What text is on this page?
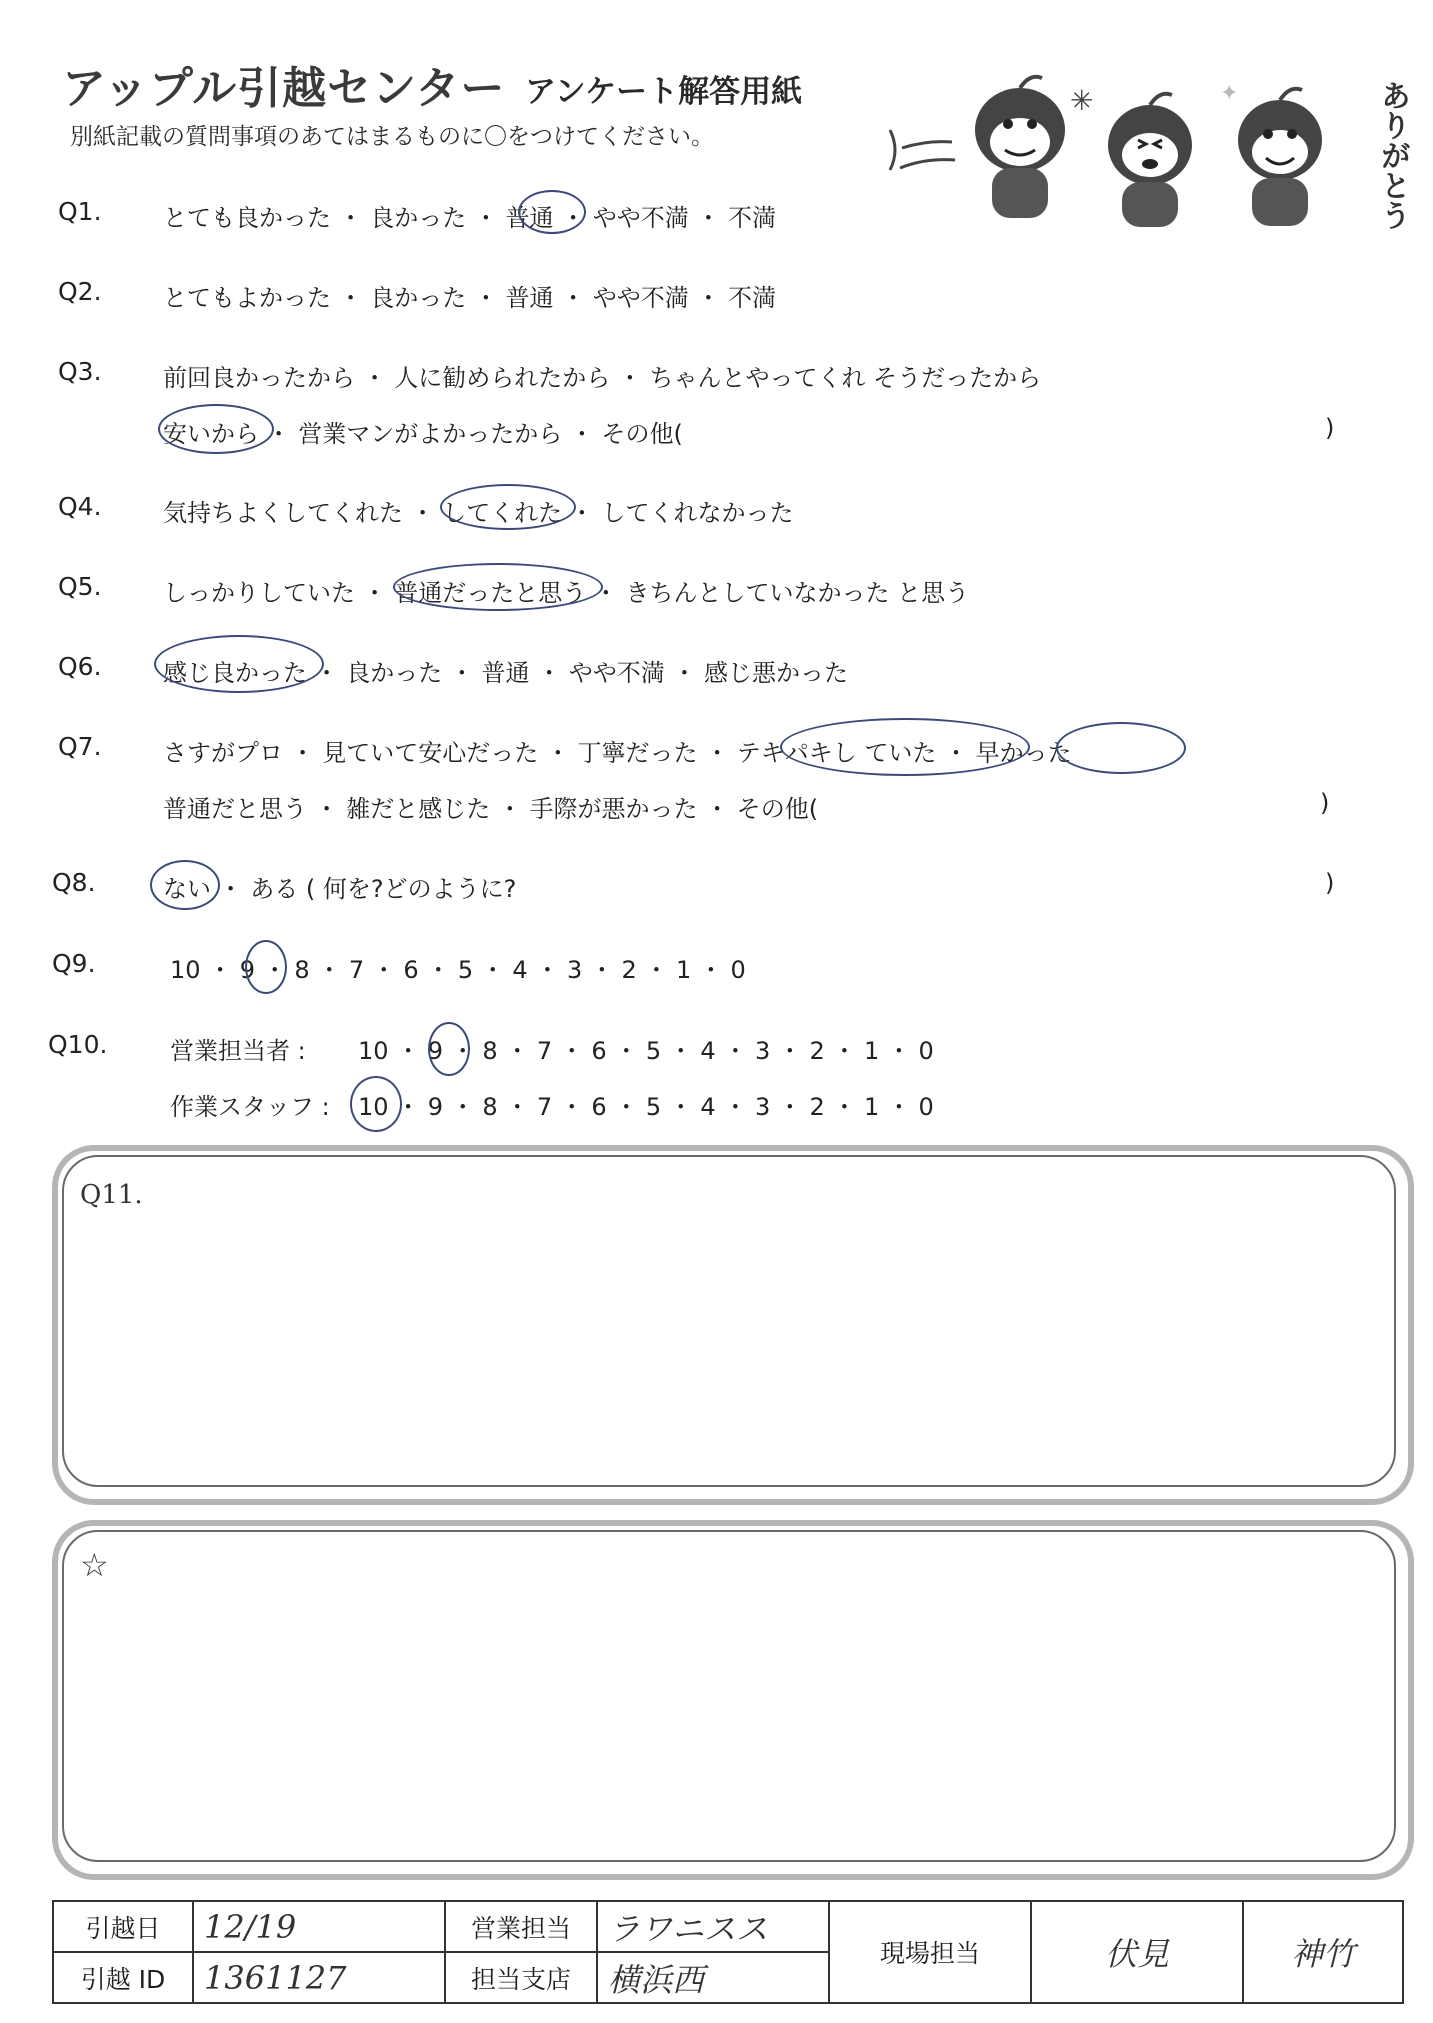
アップル引越センター アンケート解答用紙
別紙記載の質問事項のあてはまるものに〇をつけてください。
✳	✦	ありがとう
Q1.	とても良かった ・ 良かった ・ 普通 ・ やや不満 ・ 不満
Q2.	とてもよかった ・ 良かった ・ 普通 ・ やや不満 ・ 不満
Q3.	前回良かったから ・ 人に勧められたから ・ ちゃんとやってくれ そうだったから
安いから ・ 営業マンがよかったから ・ その他(	)
Q4.	気持ちよくしてくれた ・ してくれた ・ してくれなかった
Q5.	しっかりしていた ・ 普通だったと思う ・ きちんとしていなかった と思う
Q6.	感じ良かった ・ 良かった ・ 普通 ・ やや不満 ・ 感じ悪かった
Q7.	さすがプロ ・ 見ていて安心だった ・ 丁寧だった ・ テキパキし ていた ・ 早かった
普通だと思う ・ 雑だと感じた ・ 手際が悪かった ・ その他(	)
Q8.	ない ・ ある ( 何を?どのように?	)
Q9.	10 ・ 9 ・ 8 ・ 7 ・ 6 ・ 5 ・ 4 ・ 3 ・ 2 ・ 1 ・ 0
Q10.	営業担当者 : 10 ・ 9 ・ 8 ・ 7 ・ 6 ・ 5 ・ 4 ・ 3 ・ 2 ・ 1 ・ 0
作業スタッフ : 10 ・ 9 ・ 8 ・ 7 ・ 6 ・ 5 ・ 4 ・ 3 ・ 2 ・ 1 ・ 0
Q11.
☆
引越日	12/19	営業担当	ラワニスス	現場担当	伏見	神竹
引越 ID	1361127	担当支店	横浜西			
